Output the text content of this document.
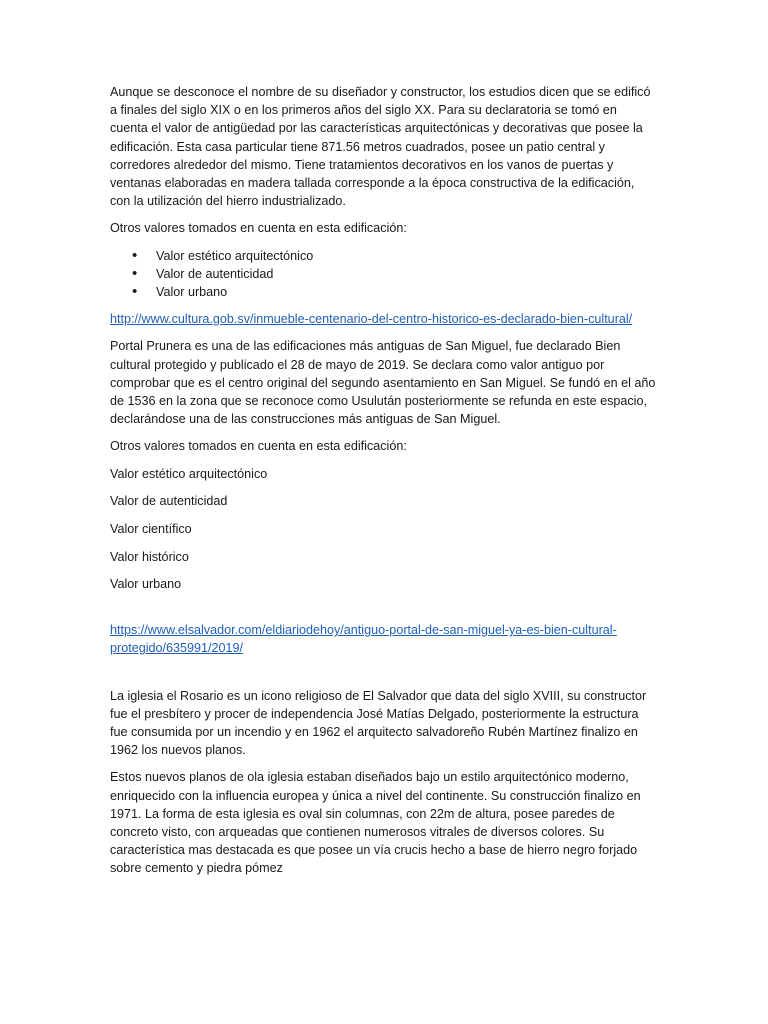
Aunque se desconoce el nombre de su diseñador y constructor, los estudios dicen que se edificó a finales del siglo XIX o en los primeros años del siglo XX. Para su declaratoria se tomó en cuenta el valor de antigüedad por las características arquitectónicas y decorativas que posee la edificación. Esta casa particular tiene 871.56 metros cuadrados, posee un patio central y corredores alrededor del mismo. Tiene tratamientos decorativos en los vanos de puertas y ventanas elaboradas en madera tallada corresponde a la época constructiva de la edificación, con la utilización del hierro industrializado.

Otros valores tomados en cuenta en esta edificación:

• Valor estético arquitectónico
• Valor de autenticidad
• Valor urbano

http://www.cultura.gob.sv/inmueble-centenario-del-centro-historico-es-declarado-bien-cultural/

Portal Prunera es una de las edificaciones más antiguas de San Miguel, fue declarado Bien cultural protegido y publicado el 28 de mayo de 2019. Se declara como valor antiguo por comprobar que es el centro original del segundo asentamiento en San Miguel. Se fundó en el año de 1536 en la zona que se reconoce como Usulután posteriormente se refunda en este espacio, declarándose una de las construcciones más antiguas de San Miguel.

Otros valores tomados en cuenta en esta edificación:

Valor estético arquitectónico

Valor de autenticidad

Valor científico

Valor histórico

Valor urbano

https://www.elsalvador.com/eldiariodehoy/antiguo-portal-de-san-miguel-ya-es-bien-cultural-protegido/635991/2019/

La iglesia el Rosario es un icono religioso de El Salvador que data del siglo XVIII, su constructor fue el presbítero y procer de independencia José Matías Delgado, posteriormente la estructura fue consumida por un incendio y en 1962 el arquitecto salvadoreño Rubén Martínez finalizo en 1962 los nuevos planos.

Estos nuevos planos de ola iglesia estaban diseñados bajo un estilo arquitectónico moderno, enriquecido con la influencia europea y única a nivel del continente. Su construcción finalizo en 1971. La forma de esta iglesia es oval sin columnas, con 22m de altura, posee paredes de concreto visto, con arqueadas que contienen numerosos vitrales de diversos colores. Su característica mas destacada es que posee un vía crucis hecho a base de hierro negro forjado sobre cemento y piedra pómez
